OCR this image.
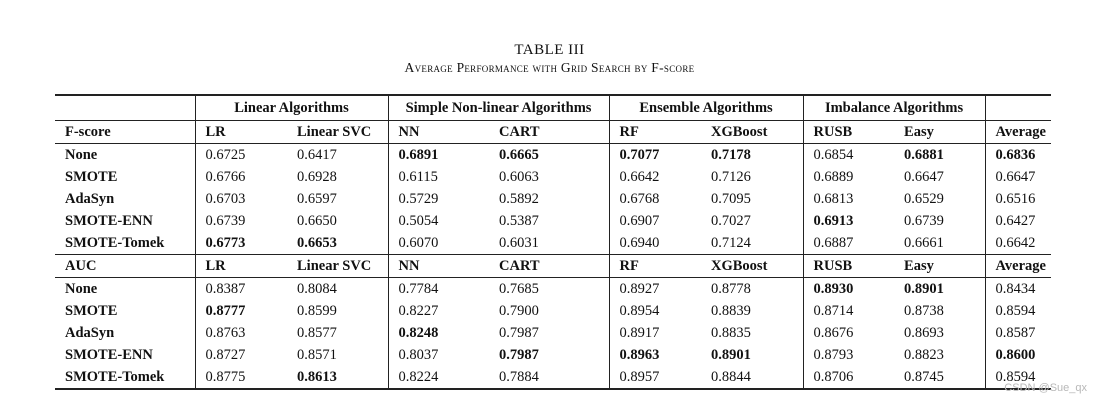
TABLE III
Average Performance with Grid Search by F-score
	Linear Algorithms		Simple Non-linear Algorithms		Ensemble Algorithms		Imbalance Algorithms		
F-score	LR	Linear SVC	NN	CART	RF	XGBoost	RUSB	Easy	Average
None	0.6725	0.6417	0.6891	0.6665	0.7077	0.7178	0.6854	0.6881	0.6836
SMOTE	0.6766	0.6928	0.6115	0.6063	0.6642	0.7126	0.6889	0.6647	0.6647
AdaSyn	0.6703	0.6597	0.5729	0.5892	0.6768	0.7095	0.6813	0.6529	0.6516
SMOTE-ENN	0.6739	0.6650	0.5054	0.5387	0.6907	0.7027	0.6913	0.6739	0.6427
SMOTE-Tomek	0.6773	0.6653	0.6070	0.6031	0.6940	0.7124	0.6887	0.6661	0.6642
AUC	LR	Linear SVC	NN	CART	RF	XGBoost	RUSB	Easy	Average
None	0.8387	0.8084	0.7784	0.7685	0.8927	0.8778	0.8930	0.8901	0.8434
SMOTE	0.8777	0.8599	0.8227	0.7900	0.8954	0.8839	0.8714	0.8738	0.8594
AdaSyn	0.8763	0.8577	0.8248	0.7987	0.8917	0.8835	0.8676	0.8693	0.8587
SMOTE-ENN	0.8727	0.8571	0.8037	0.7987	0.8963	0.8901	0.8793	0.8823	0.8600
SMOTE-Tomek	0.8775	0.8613	0.8224	0.7884	0.8957	0.8844	0.8706	0.8745	0.8594
CSDN @Sue_qx
